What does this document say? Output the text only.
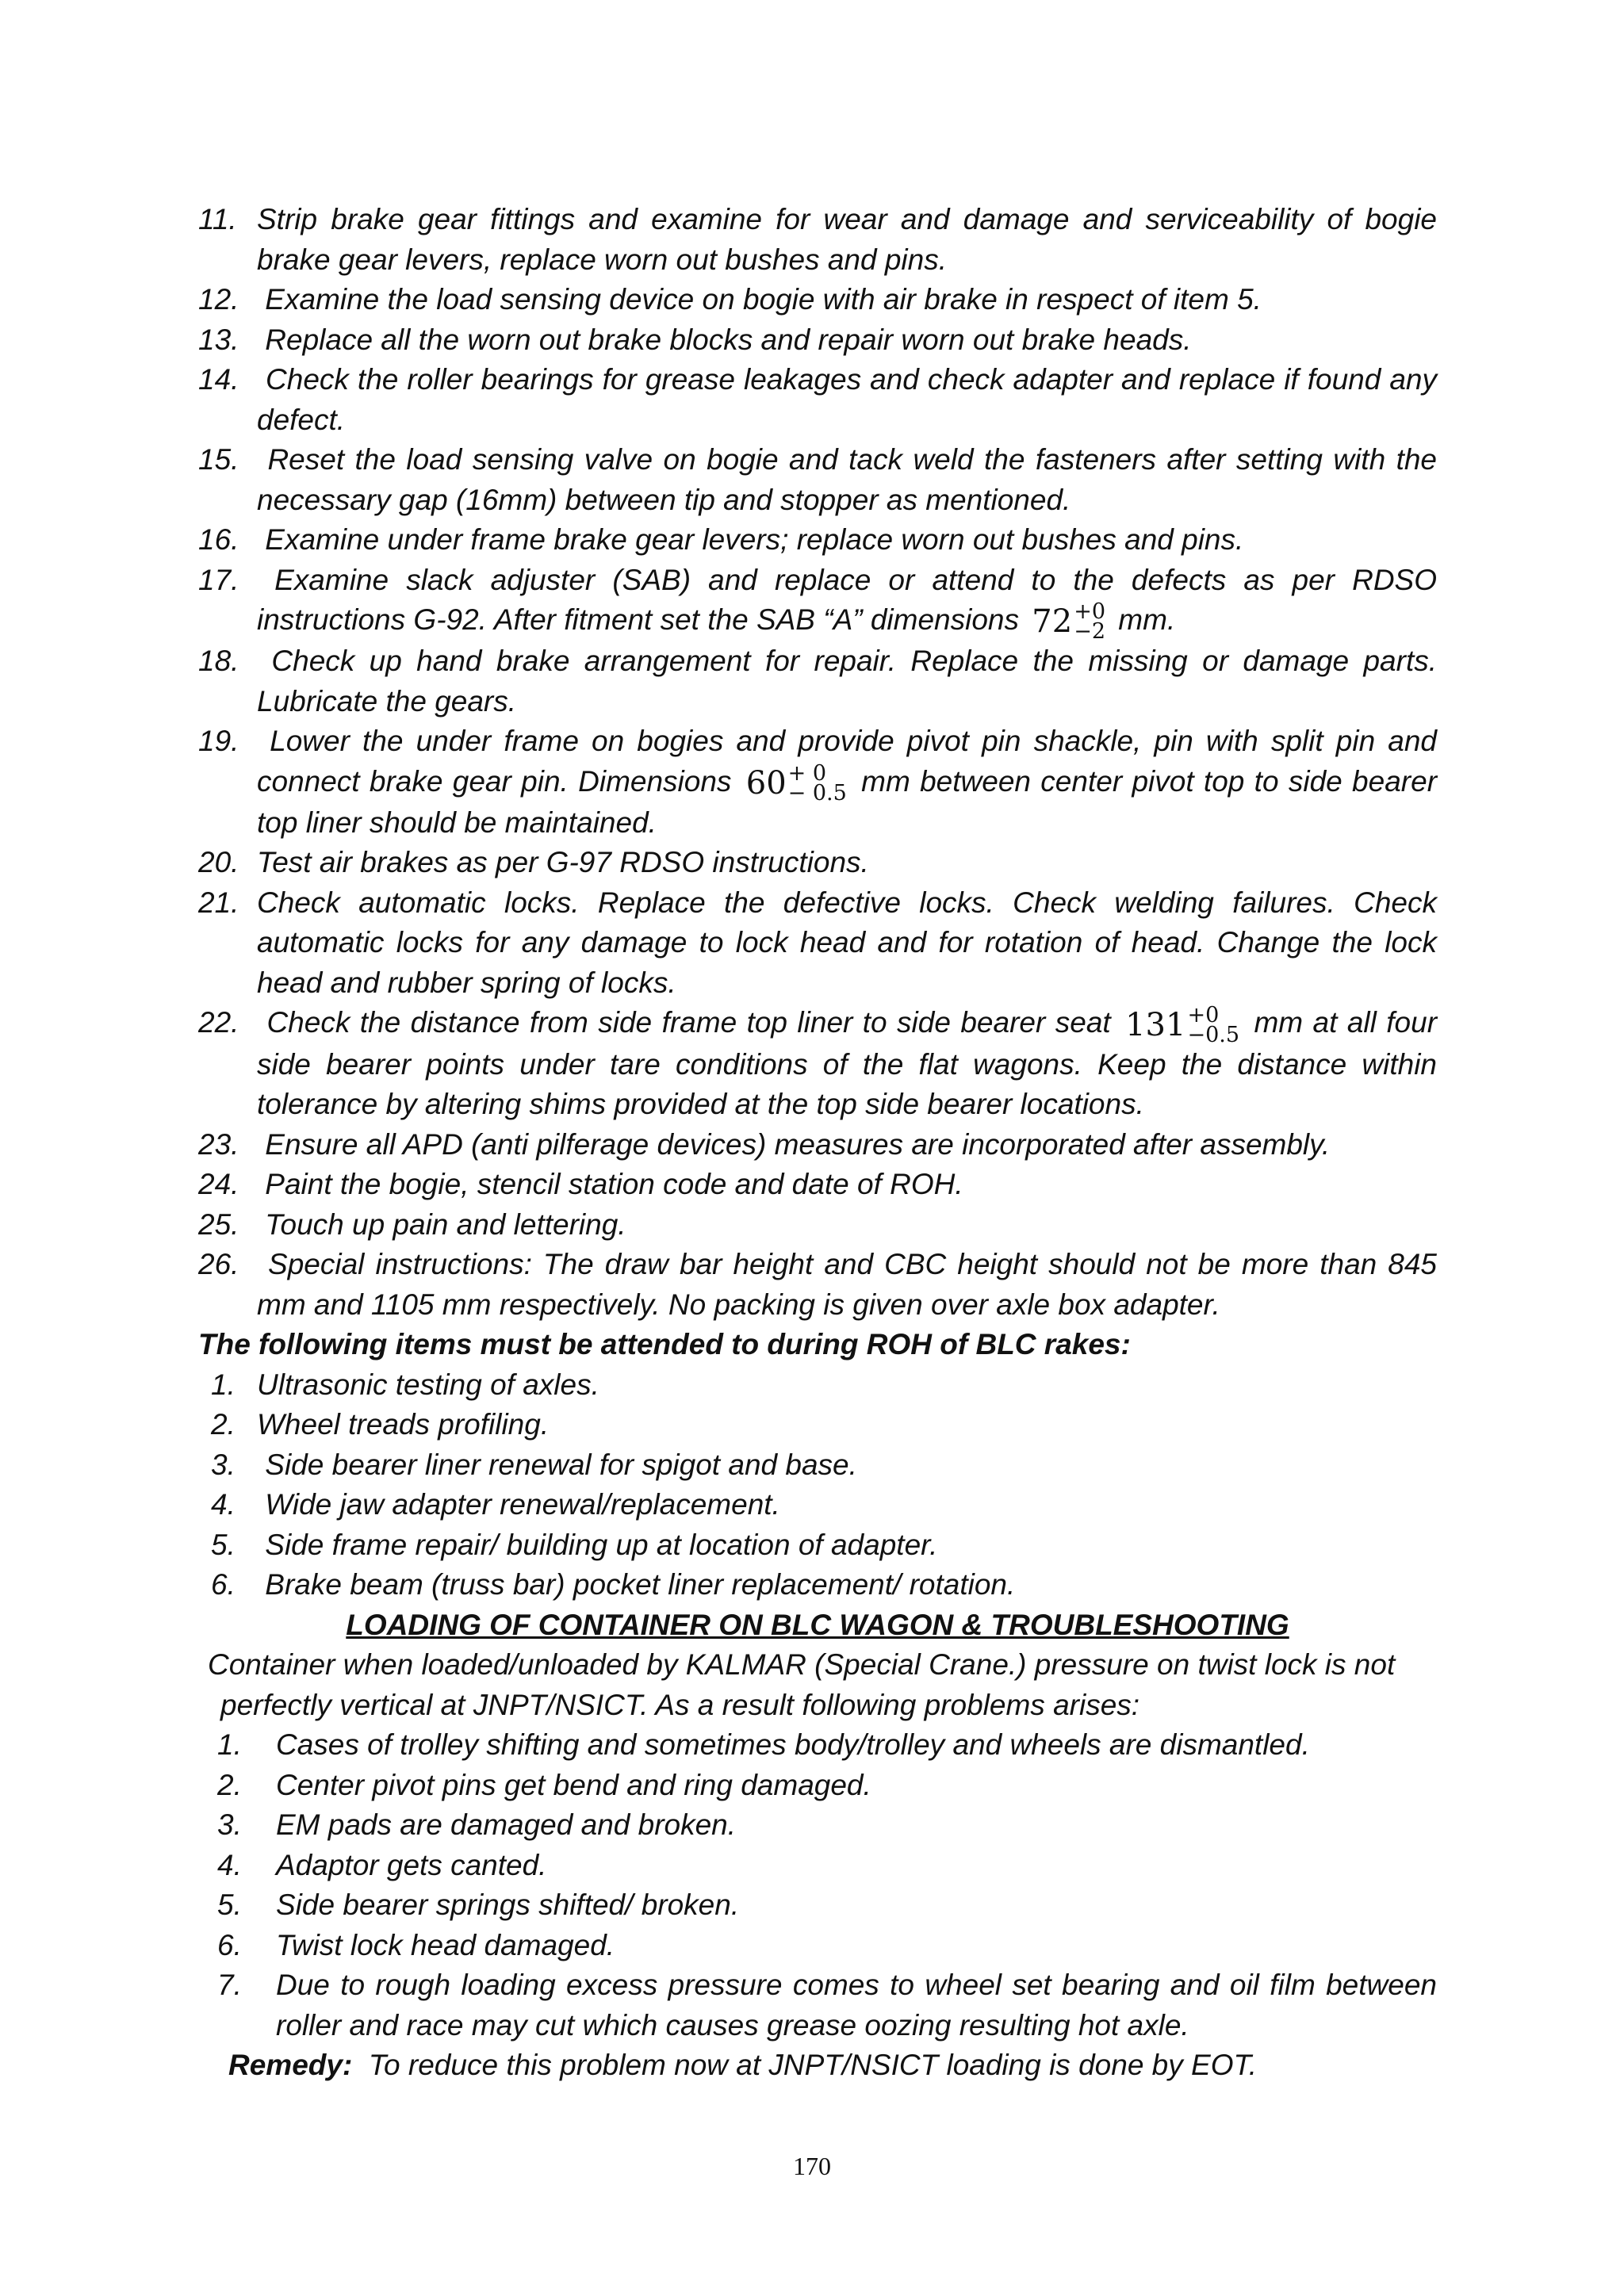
11. Strip brake gear fittings and examine for wear and damage and serviceability of bogie brake gear levers, replace worn out bushes and pins.
12. Examine the load sensing device on bogie with air brake in respect of item 5.
13. Replace all the worn out brake blocks and repair worn out brake heads.
14. Check the roller bearings for grease leakages and check adapter and replace if found any defect.
15. Reset the load sensing valve on bogie and tack weld the fasteners after setting with the necessary gap (16mm) between tip and stopper as mentioned.
16. Examine under frame brake gear levers; replace worn out bushes and pins.
17. Examine slack adjuster (SAB) and replace or attend to the defects as per RDSO instructions G-92. After fitment set the SAB “A” dimensions 72 +0
−2 mm.
18. Check up hand brake arrangement for repair. Replace the missing or damage parts. Lubricate the gears.
19. Lower the under frame on bogies and provide pivot pin shackle, pin with split pin and connect brake gear pin. Dimensions 60 + 0
− 0.5 mm between center pivot top to side bearer top liner should be maintained.
20. Test air brakes as per G-97 RDSO instructions.
21. Check automatic locks. Replace the defective locks. Check welding failures. Check automatic locks for any damage to lock head and for rotation of head. Change the lock head and rubber spring of locks.
22. Check the distance from side frame top liner to side bearer seat 131 +0
−0.5 mm at all four side bearer points under tare conditions of the flat wagons. Keep the distance within tolerance by altering shims provided at the top side bearer locations.
23. Ensure all APD (anti pilferage devices) measures are incorporated after assembly.
24. Paint the bogie, stencil station code and date of ROH.
25. Touch up pain and lettering.
26. Special instructions: The draw bar height and CBC height should not be more than 845 mm and 1105 mm respectively. No packing is given over axle box adapter.
The following items must be attended to during ROH of BLC rakes:
1. Ultrasonic testing of axles.
2. Wheel treads profiling.
3. Side bearer liner renewal for spigot and base.
4. Wide jaw adapter renewal/replacement.
5. Side frame repair/ building up at location of adapter.
6. Brake beam (truss bar) pocket liner replacement/ rotation.
LOADING OF CONTAINER ON BLC WAGON & TROUBLESHOOTING
Container when loaded/unloaded by KALMAR (Special Crane.) pressure on twist lock is not
perfectly vertical at JNPT/NSICT. As a result following problems arises:
1. Cases of trolley shifting and sometimes body/trolley and wheels are dismantled.
2. Center pivot pins get bend and ring damaged.
3. EM pads are damaged and broken.
4. Adaptor gets canted.
5. Side bearer springs shifted/ broken.
6. Twist lock head damaged.
7. Due to rough loading excess pressure comes to wheel set bearing and oil film between roller and race may cut which causes grease oozing resulting hot axle.
Remedy: To reduce this problem now at JNPT/NSICT loading is done by EOT.
170
